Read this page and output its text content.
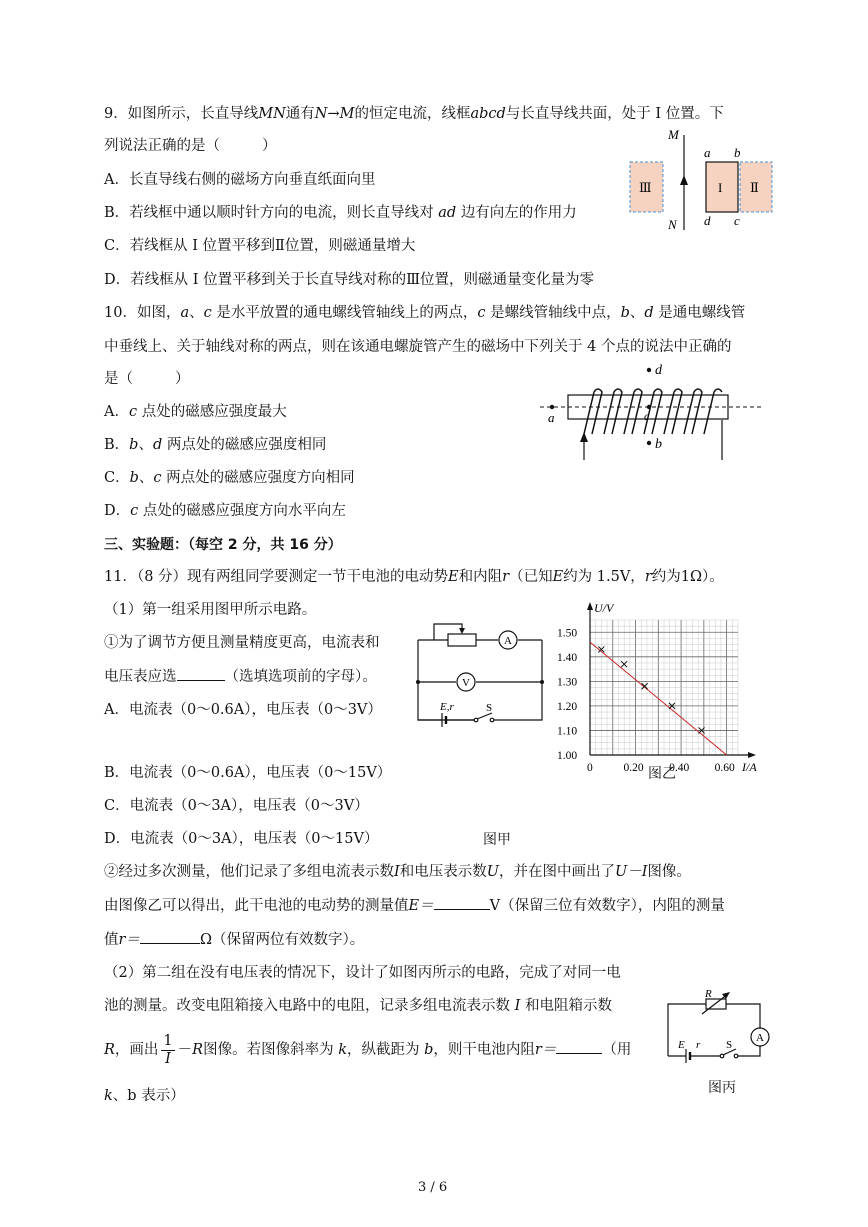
9．如图所示，长直导线MN通有N→M的恒定电流，线框abcd与长直导线共面，处于 I 位置。下
列说法正确的是（	）
A．长直导线右侧的磁场方向垂直纸面向里
B．若线框中通以顺时针方向的电流，则长直导线对 ad 边有向左的作用力
C．若线框从 I 位置平移到Ⅱ位置，则磁通量增大
D．若线框从 I 位置平移到关于长直导线对称的Ⅲ位置，则磁通量变化量为零
M
N
Ⅲ	I Ⅱ
a b
d c
10．如图，a、c 是水平放置的通电螺线管轴线上的两点，c 是螺线管轴线中点，b、d 是通电螺线管
中垂线上、关于轴线对称的两点，则在该通电螺旋管产生的磁场中下列关于 4 个点的说法中正确的
是（	）
A．c 点处的磁感应强度最大
B．b、d 两点处的磁感应强度相同
C．b、c 两点处的磁感应强度方向相同
D．c 点处的磁感应强度方向水平向左
a	c
d
b
三、实验题：（每空 2 分，共 16 分）
11．（8 分）现有两组同学要测定一节干电池的电动势E和内阻r（已知E约为 1.5V，r约为1Ω）。
（1）第一组采用图甲所示电路。
①为了调节方便且测量精度更高，电流表和
电压表应选	（选填选项前的字母）。
A．电流表（0～0.6A），电压表（0～3V）
B．电流表（0～0.6A），电压表（0～15V）
C．电流表（0～3A），电压表（0～3V）
D．电流表（0～3A），电压表（0～15V）	图甲
A
V
E,r	S
1.00
1.10
1.20
1.30
1.40
1.50
0	0.20 0.40 0.60
U/V
I/A
图乙
②经过多次测量，他们记录了多组电流表示数I和电压表示数U，并在图中画出了U－I图像。
由图像乙可以得出，此干电池的电动势的测量值E＝	V（保留三位有效数字），内阻的测量
值r＝	Ω（保留两位有效数字）。
（2）第二组在没有电压表的情况下，设计了如图丙所示的电路，完成了对同一电
池的测量。改变电阻箱接入电路中的电阻，记录多组电流表示数 I 和电阻箱示数
R，画出 $\frac{1}{I} -R$图像。若图像斜率为 k，纵截距为 b，则干电池内阻r＝	（用
k、b 表示）
R
A
E r S
图丙
3 / 6
